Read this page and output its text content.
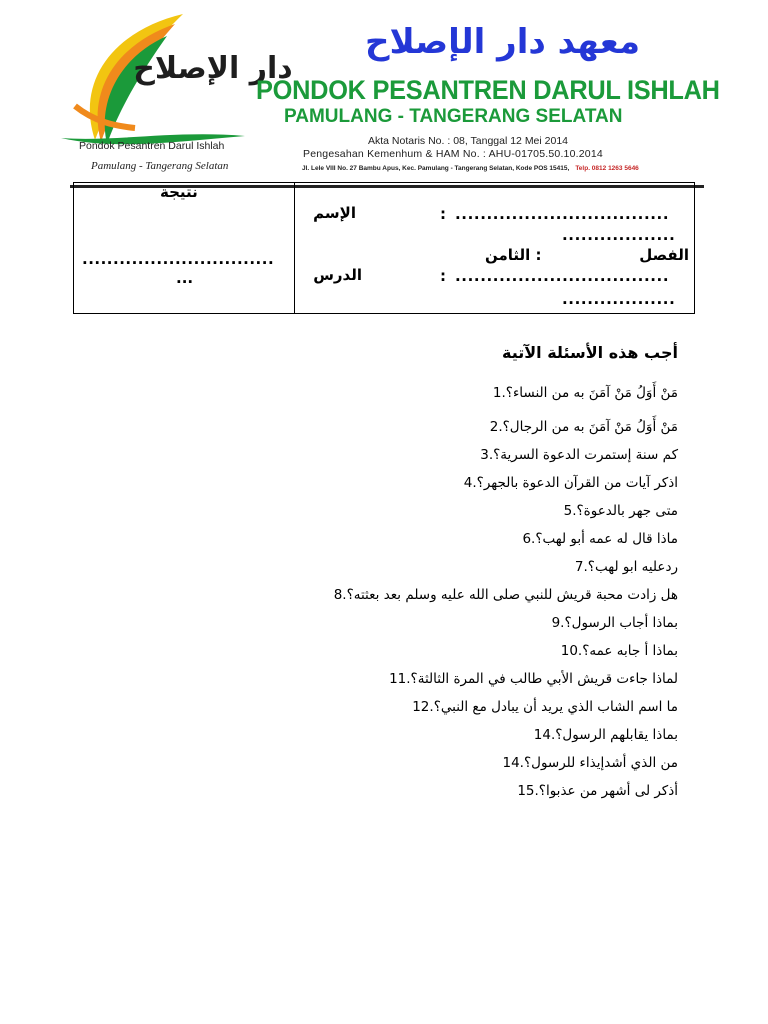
دار الإصلاح
Pondok Pesantren Darul Ishlah
Pamulang - Tangerang Selatan
معهد دار الإصلاح
PONDOK PESANTREN DARUL ISHLAH
PAMULANG - TANGERANG SELATAN
Akta Notaris No. : 08, Tanggal 12 Mei 2014
Pengesahan Kemenhum & HAM No. : AHU-01705.50.10.2014
Jl. Lele VIII No. 27 Bambu Apus, Kec. Pamulang - Tangerang Selatan, Kode POS 15415, Telp. 0812 1263 5646
نتيجة
...............................
...
الإسم	: ..................................
..................
الفصل
: الثامن
الدرس	: ..................................
..................
أجب هذه الأسئلة الآتية
مَنْ أَوَلُ مَنْ آمَنَ به من النساء؟1.
مَنْ أَوَلُ مَنْ آمَنَ به من الرجال؟2.
كم سنة إستمرت الدعوة السرية؟3.
اذكر آيات من القرآن الدعوة بالجهر؟4.
متى جهر بالدعوة؟5.
ماذا قال له عمه أبو لهب؟6.
ردعليه ابو لهب؟7.
هل زادت محبة قريش للنبي صلى الله عليه وسلم بعد بعثته؟8.
بماذا أجاب الرسول؟9.
بماذا أ جابه عمه؟10.
لماذا جاءت قريش الأبي طالب في المرة الثالثة؟11.
ما اسم الشاب الذي يريد أن يبادل مع النبي؟12.
بماذا يقابلهم الرسول؟14.
من الذي أشدإيذاء للرسول؟14.
أذكر لى أشهر من عذبوا؟15.
